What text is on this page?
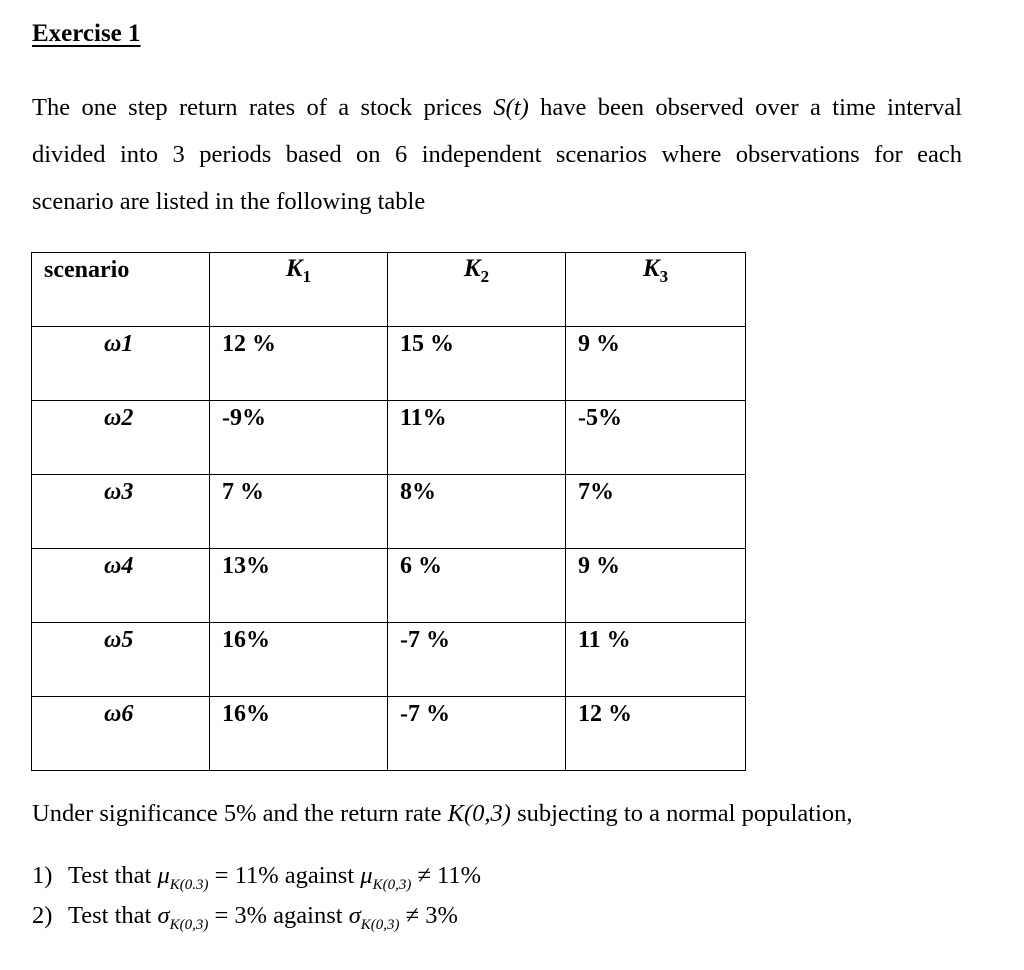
Exercise 1
The one step return rates of a stock prices S(t) have been observed over a time interval
divided into 3 periods based on 6 independent scenarios where observations for each
scenario are listed in the following table
scenario	$K_1$	$K_2$	$K_3$
ω1	12 %	15 %	9 %
ω2	-9%	11%	-5%
ω3	7 %	8%	7%
ω4	13%	6 %	9 %
ω5	16%	-7 %	11 %
ω6	16%	-7 %	12 %
Under significance 5% and the return rate K(0,3) subjecting to a normal population,
1) Test that $\mu_{K(0.3)} = 11\%$ against $\mu_{K(0,3)} \ne 11\%$
2) Test that $\sigma_{K(0,3)} = 3\%$ against $\sigma_{K(0,3)} \ne 3\%$
